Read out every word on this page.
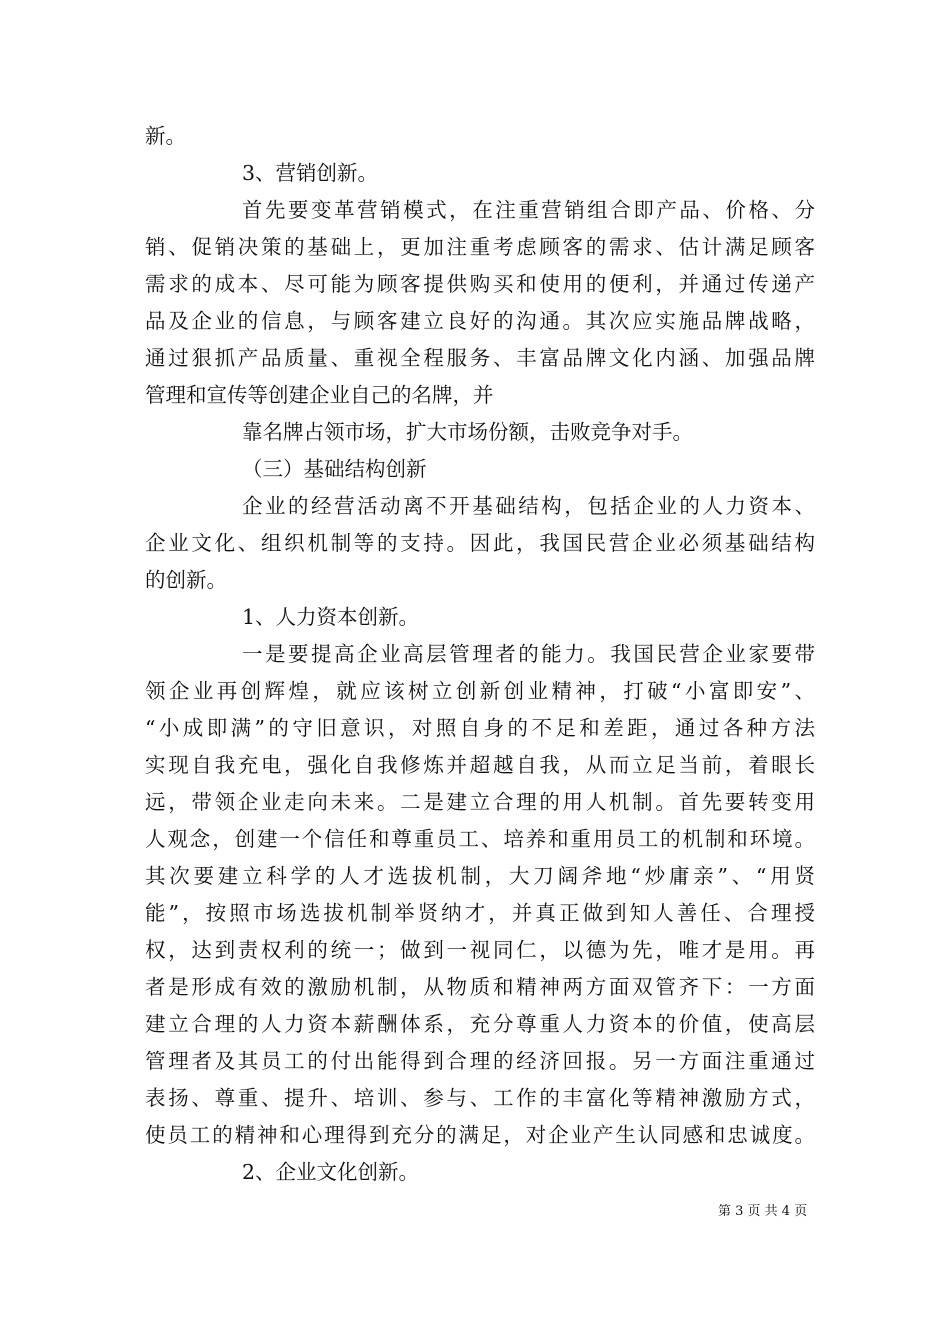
新。
3、营销创新。
首先要变革营销模式，在注重营销组合即产品、价格、分
销、促销决策的基础上，更加注重考虑顾客的需求、估计满足顾客
需求的成本、尽可能为顾客提供购买和使用的便利，并通过传递产
品及企业的信息，与顾客建立良好的沟通。其次应实施品牌战略，
通过狠抓产品质量、重视全程服务、丰富品牌文化内涵、加强品牌
管理和宣传等创建企业自己的名牌，并
靠名牌占领市场，扩大市场份额，击败竞争对手。
（三）基础结构创新
企业的经营活动离不开基础结构，包括企业的人力资本、
企业文化、组织机制等的支持。因此，我国民营企业必须基础结构
的创新。
1、人力资本创新。
一是要提高企业高层管理者的能力。我国民营企业家要带
领企业再创辉煌，就应该树立创新创业精神，打破“小富即安”、
“小成即满”的守旧意识，对照自身的不足和差距，通过各种方法
实现自我充电，强化自我修炼并超越自我，从而立足当前，着眼长
远，带领企业走向未来。二是建立合理的用人机制。首先要转变用
人观念，创建一个信任和尊重员工、培养和重用员工的机制和环境。
其次要建立科学的人才选拔机制，大刀阔斧地“炒庸亲”、“用贤
能”，按照市场选拔机制举贤纳才，并真正做到知人善任、合理授
权，达到责权利的统一；做到一视同仁，以德为先，唯才是用。再
者是形成有效的激励机制，从物质和精神两方面双管齐下：一方面
建立合理的人力资本薪酬体系，充分尊重人力资本的价值，使高层
管理者及其员工的付出能得到合理的经济回报。另一方面注重通过
表扬、尊重、提升、培训、参与、工作的丰富化等精神激励方式，
使员工的精神和心理得到充分的满足，对企业产生认同感和忠诚度。
2、企业文化创新。
第 3 页 共 4 页
